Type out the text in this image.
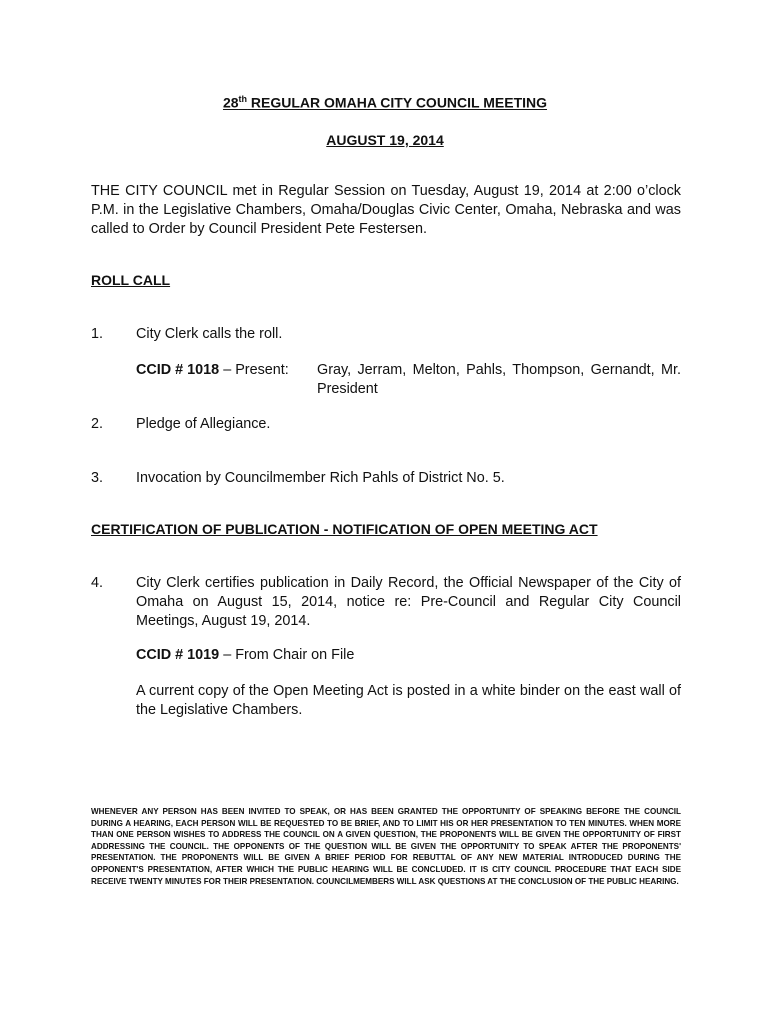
28th REGULAR OMAHA CITY COUNCIL MEETING
AUGUST 19, 2014
THE CITY COUNCIL met in Regular Session on Tuesday, August 19, 2014 at 2:00 o’clock P.M. in the Legislative Chambers, Omaha/Douglas Civic Center, Omaha, Nebraska and was called to Order by Council President Pete Festersen.
ROLL CALL
1. City Clerk calls the roll.
CCID # 1018 – Present:	Gray, Jerram, Melton, Pahls, Thompson, Gernandt, Mr. President
2. Pledge of Allegiance.
3. Invocation by Councilmember Rich Pahls of District No. 5.
CERTIFICATION OF PUBLICATION - NOTIFICATION OF OPEN MEETING ACT
4. City Clerk certifies publication in Daily Record, the Official Newspaper of the City of Omaha on August 15, 2014, notice re: Pre-Council and Regular City Council Meetings, August 19, 2014.
CCID # 1019 – From Chair on File
A current copy of the Open Meeting Act is posted in a white binder on the east wall of the Legislative Chambers.
WHENEVER ANY PERSON HAS BEEN INVITED TO SPEAK, OR HAS BEEN GRANTED THE OPPORTUNITY OF SPEAKING BEFORE THE COUNCIL DURING A HEARING, EACH PERSON WILL BE REQUESTED TO BE BRIEF, AND TO LIMIT HIS OR HER PRESENTATION TO TEN MINUTES. WHEN MORE THAN ONE PERSON WISHES TO ADDRESS THE COUNCIL ON A GIVEN QUESTION, THE PROPONENTS WILL BE GIVEN THE OPPORTUNITY OF FIRST ADDRESSING THE COUNCIL. THE OPPONENTS OF THE QUESTION WILL BE GIVEN THE OPPORTUNITY TO SPEAK AFTER THE PROPONENTS' PRESENTATION. THE PROPONENTS WILL BE GIVEN A BRIEF PERIOD FOR REBUTTAL OF ANY NEW MATERIAL INTRODUCED DURING THE OPPONENT'S PRESENTATION, AFTER WHICH THE PUBLIC HEARING WILL BE CONCLUDED. IT IS CITY COUNCIL PROCEDURE THAT EACH SIDE RECEIVE TWENTY MINUTES FOR THEIR PRESENTATION. COUNCILMEMBERS WILL ASK QUESTIONS AT THE CONCLUSION OF THE PUBLIC HEARING.
